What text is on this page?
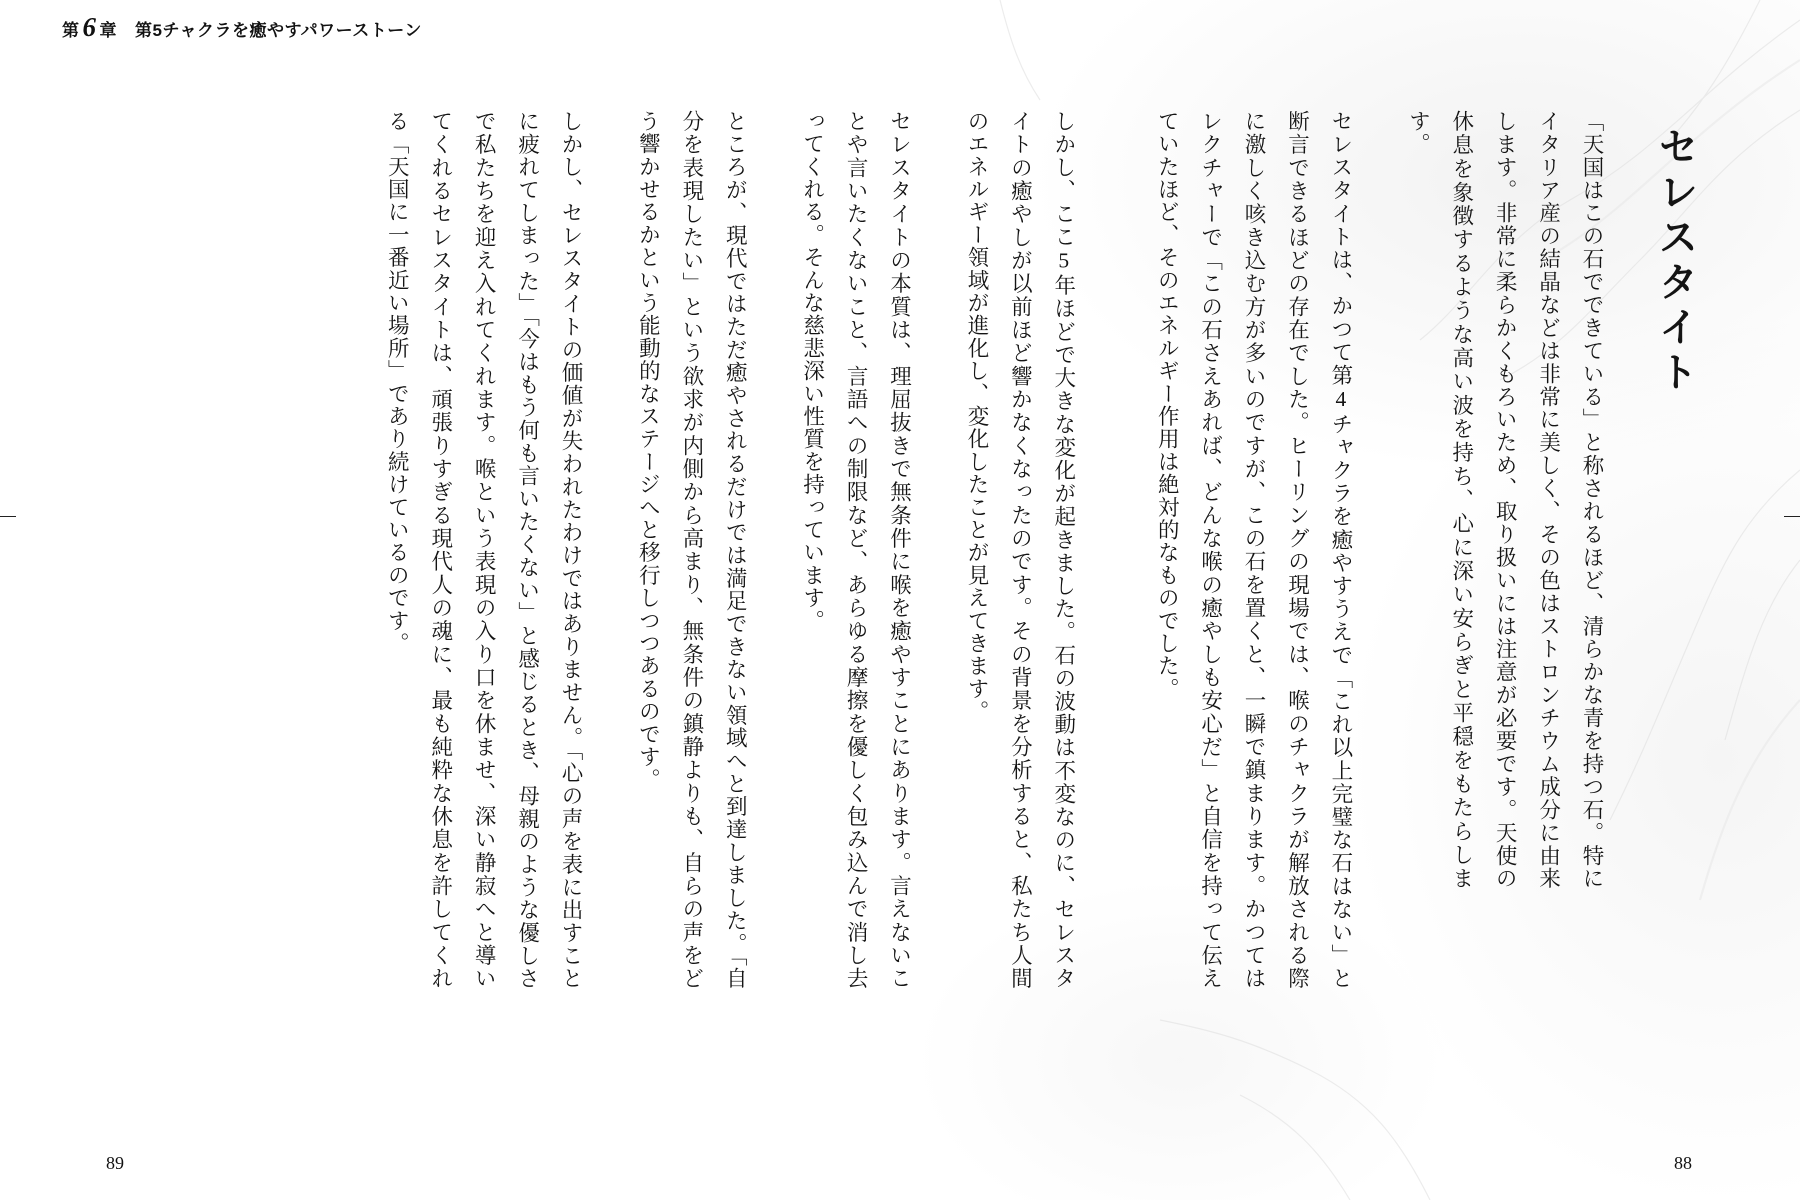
第 6 章 第5チャクラを癒やすパワーストーン
しかし、セレスタイトの価値が失われたわけではありません。「心の声を表に出すことに疲れてしまった」「今はもう何も言いたくない」と感じるとき、母親のような優しさで私たちを迎え入れてくれます。喉という表現の入り口を休ませ、深い静寂へと導いてくれるセレスタイトは、頑張りすぎる現代人の魂に、最も純粋な休息を許してくれる「天国に一番近い場所」であり続けているのです。	ところが、現代ではただ癒やされるだけでは満足できない領域へと到達しました。「自分を表現したい」という欲求が内側から高まり、無条件の鎮静よりも、自らの声をどう響かせるかという能動的なステージへと移行しつつあるのです。	セレスタイトの本質は、理屈抜きで無条件に喉を癒やすことにあります。言えないことや言いたくないこと、言語への制限など、あらゆる摩擦を優しく包み込んで消し去ってくれる。そんな慈悲深い性質を持っています。	しかし、ここ5年ほどで大きな変化が起きました。石の波動は不変なのに、セレスタイトの癒やしが以前ほど響かなくなったのです。その背景を分析すると、私たち人間のエネルギー領域が進化し、変化したことが見えてきます。	セレスタイトは、かつて第4チャクラを癒やすうえで「これ以上完璧な石はない」と断言できるほどの存在でした。ヒーリングの現場では、喉のチャクラが解放される際に激しく咳き込む方が多いのですが、この石を置くと、一瞬で鎮まります。かつてはレクチャーで「この石さえあれば、どんな喉の癒やしも安心だ」と自信を持って伝えていたほど、そのエネルギー作用は絶対的なものでした。	「天国はこの石でできている」と称されるほど、清らかな青を持つ石。特にイタリア産の結晶などは非常に美しく、その色はストロンチウム成分に由来します。非常に柔らかくもろいため、取り扱いには注意が必要です。天使の休息を象徴するような高い波を持ち、心に深い安らぎと平穏をもたらします。	セレスタイト
89	88
